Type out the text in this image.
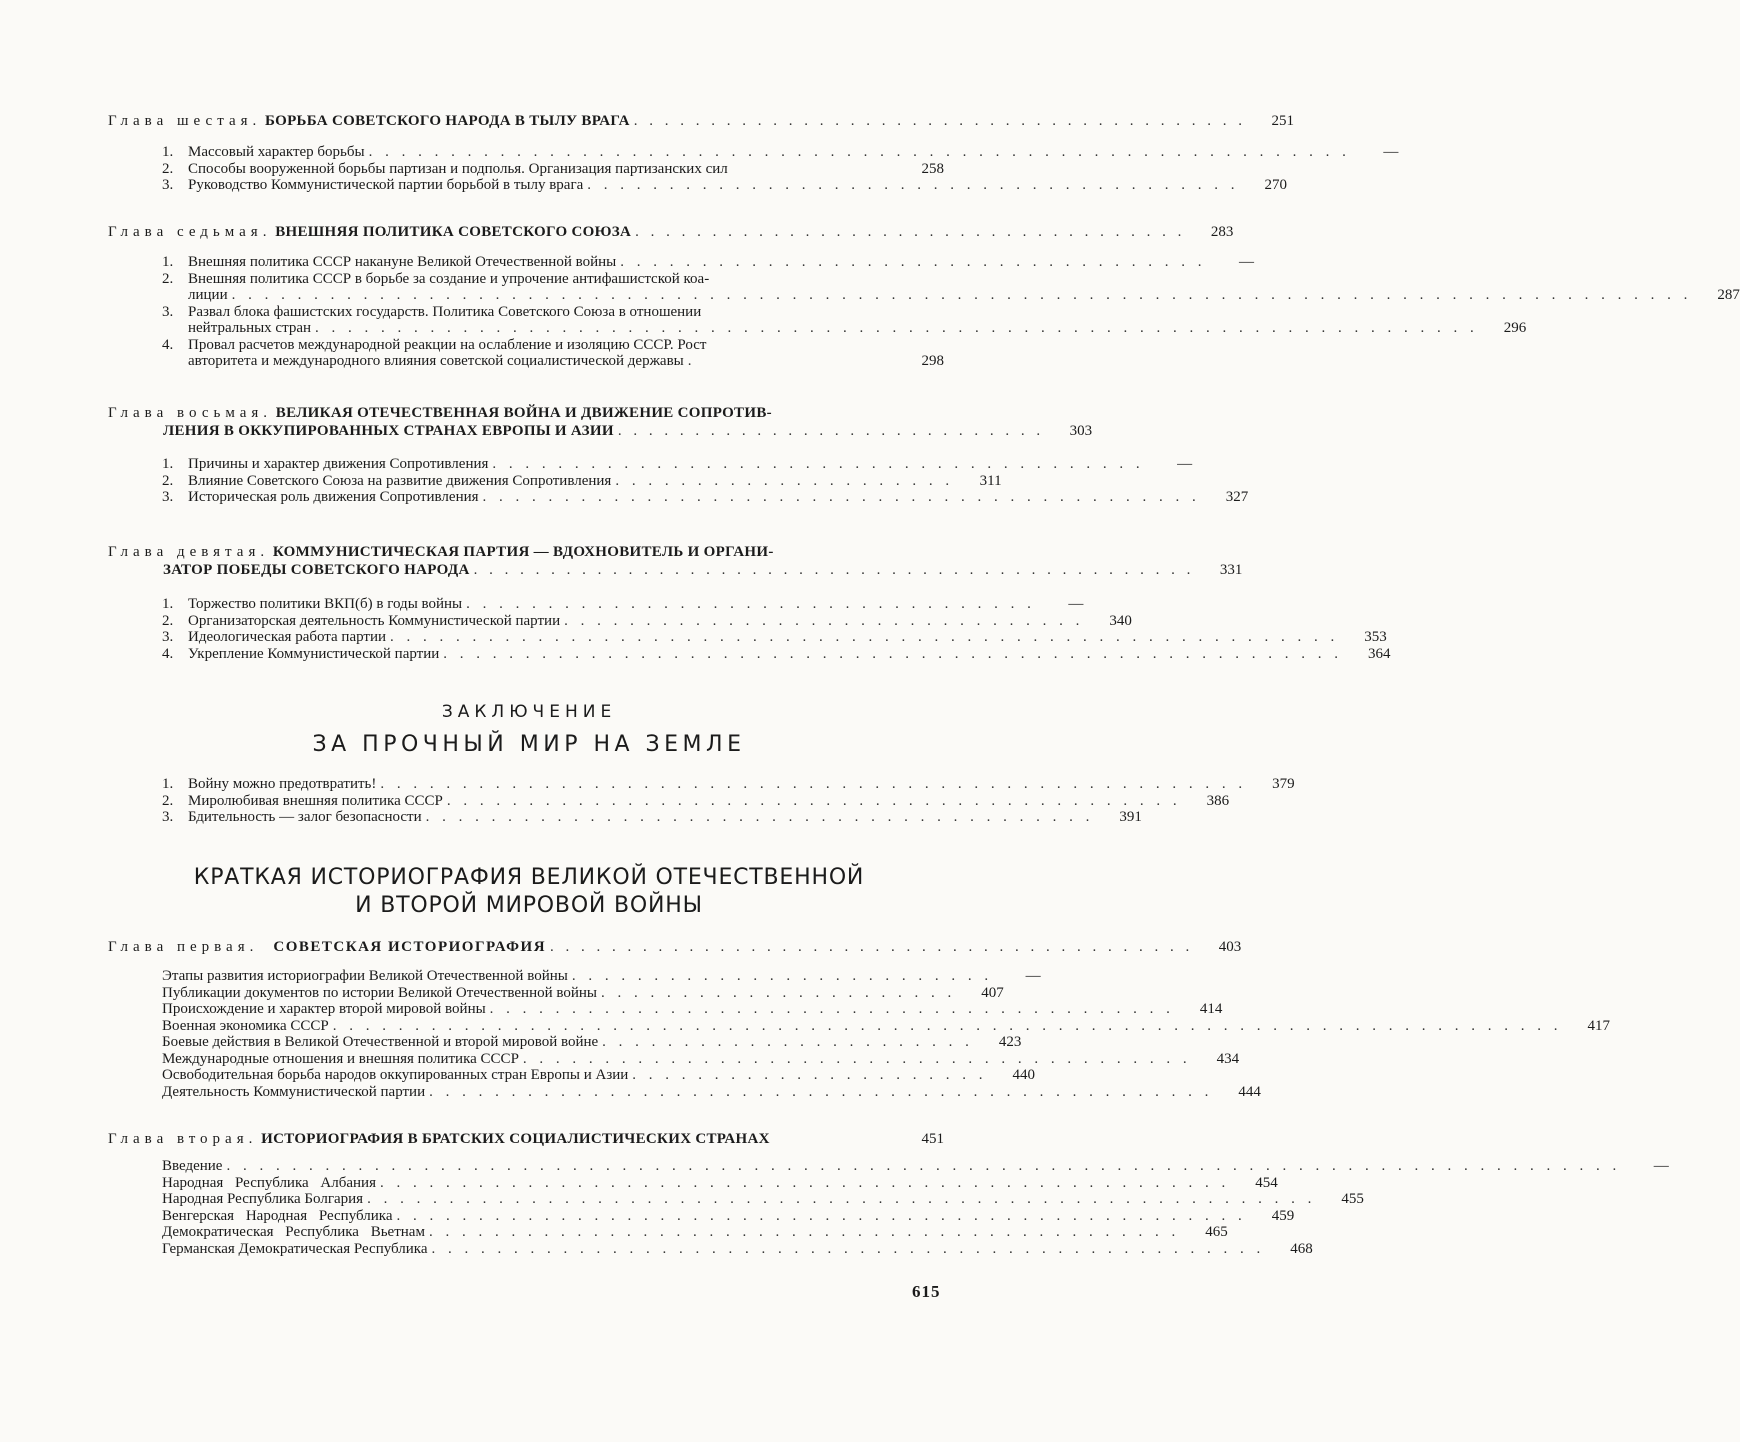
Глава шестая. БОРЬБА СОВЕТСКОГО НАРОДА В ТЫЛУ ВРАГА . . . . . . . . . . . . . . . . . . . . . . . . . . . . . . . . . . . . . . . .	251
1. Массовый характер борьбы . . . . . . . . . . . . . . . . . . . . . . . . . . . . . . . . . . . . . . . . . . . . . . . . . . . . . . . . . . . .	—
2. Способы вооруженной борьбы партизан и подполья. Организация партизанских сил	258
3. Руководство Коммунистической партии борьбой в тылу врага . . . . . . . . . . . . . . . . . . . . . . . . . . . . . . . . . . . . . . . .	270
Глава седьмая. ВНЕШНЯЯ ПОЛИТИКА СОВЕТСКОГО СОЮЗА . . . . . . . . . . . . . . . . . . . . . . . . . . . . . . . . . . . .	283
1. Внешняя политика СССР накануне Великой Отечественной войны . . . . . . . . . . . . . . . . . . . . . . . . . . . . . . . . . . . .	—
2. Внешняя политика СССР в борьбе за создание и упрочение антифашистской коа-
лиции . . . . . . . . . . . . . . . . . . . . . . . . . . . . . . . . . . . . . . . . . . . . . . . . . . . . . . . . . . . . . . . . . . . . . . . . . . . . . . . . . . . . . . . . .	287
3. Развал блока фашистских государств. Политика Советского Союза в отношении
нейтральных стран . . . . . . . . . . . . . . . . . . . . . . . . . . . . . . . . . . . . . . . . . . . . . . . . . . . . . . . . . . . . . . . . . . . . . . .	296
4. Провал расчетов международной реакции на ослабление и изоляцию СССР. Рост
авторитета и международного влияния советской социалистической державы .	298
Глава восьмая. ВЕЛИКАЯ ОТЕЧЕСТВЕННАЯ ВОЙНА И ДВИЖЕНИЕ СОПРОТИВ-
ЛЕНИЯ В ОККУПИРОВАННЫХ СТРАНАХ ЕВРОПЫ И АЗИИ . . . . . . . . . . . . . . . . . . . . . . . . . . . .	303
1. Причины и характер движения Сопротивления . . . . . . . . . . . . . . . . . . . . . . . . . . . . . . . . . . . . . . . .	—
2. Влияние Советского Союза на развитие движения Сопротивления . . . . . . . . . . . . . . . . . . . . .	311
3. Историческая роль движения Сопротивления . . . . . . . . . . . . . . . . . . . . . . . . . . . . . . . . . . . . . . . . . . . .	327
Глава девятая. КОММУНИСТИЧЕСКАЯ ПАРТИЯ — ВДОХНОВИТЕЛЬ И ОРГАНИ-
ЗАТОР ПОБЕДЫ СОВЕТСКОГО НАРОДА . . . . . . . . . . . . . . . . . . . . . . . . . . . . . . . . . . . . . . . . . . . . . . .	331
1. Торжество политики ВКП(б) в годы войны . . . . . . . . . . . . . . . . . . . . . . . . . . . . . . . . . . .	—
2. Организаторская деятельность Коммунистической партии . . . . . . . . . . . . . . . . . . . . . . . . . . . . . . . .	340
3. Идеологическая работа партии . . . . . . . . . . . . . . . . . . . . . . . . . . . . . . . . . . . . . . . . . . . . . . . . . . . . . . . . . .	353
4. Укрепление Коммунистической партии . . . . . . . . . . . . . . . . . . . . . . . . . . . . . . . . . . . . . . . . . . . . . . . . . . . . . . .	364
ЗАКЛЮЧЕНИЕ
ЗА ПРОЧНЫЙ МИР НА ЗЕМЛЕ
1. Войну можно предотвратить! . . . . . . . . . . . . . . . . . . . . . . . . . . . . . . . . . . . . . . . . . . . . . . . . . . . . .	379
2. Миролюбивая внешняя политика СССР . . . . . . . . . . . . . . . . . . . . . . . . . . . . . . . . . . . . . . . . . . . . .	386
3. Бдительность — залог безопасности . . . . . . . . . . . . . . . . . . . . . . . . . . . . . . . . . . . . . . . . .	391
КРАТКАЯ ИСТОРИОГРАФИЯ ВЕЛИКОЙ ОТЕЧЕСТВЕННОЙ
И ВТОРОЙ МИРОВОЙ ВОЙНЫ
Глава первая. СОВЕТСКАЯ ИСТОРИОГРАФИЯ . . . . . . . . . . . . . . . . . . . . . . . . . . . . . . . . . . . . . . . . . .	403
Этапы развития историографии Великой Отечественной войны . . . . . . . . . . . . . . . . . . . . . . . . . .	—
Публикации документов по истории Великой Отечественной войны . . . . . . . . . . . . . . . . . . . . . .	407
Происхождение и характер второй мировой войны . . . . . . . . . . . . . . . . . . . . . . . . . . . . . . . . . . . . . . . . . .	414
Военная экономика СССР . . . . . . . . . . . . . . . . . . . . . . . . . . . . . . . . . . . . . . . . . . . . . . . . . . . . . . . . . . . . . . . . . . . . . . . . . . .	417
Боевые действия в Великой Отечественной и второй мировой войне . . . . . . . . . . . . . . . . . . . . . . .	423
Международные отношения и внешняя политика СССР . . . . . . . . . . . . . . . . . . . . . . . . . . . . . . . . . . . . . . . . .	434
Освободительная борьба народов оккупированных стран Европы и Азии . . . . . . . . . . . . . . . . . . . . . .	440
Деятельность Коммунистической партии . . . . . . . . . . . . . . . . . . . . . . . . . . . . . . . . . . . . . . . . . . . . . . . .	444
Глава вторая. ИСТОРИОГРАФИЯ В БРАТСКИХ СОЦИАЛИСТИЧЕСКИХ СТРАНАХ	451
Введение . . . . . . . . . . . . . . . . . . . . . . . . . . . . . . . . . . . . . . . . . . . . . . . . . . . . . . . . . . . . . . . . . . . . . . . . . . . . . . . . . . . . .	—
Народная Республика Албания . . . . . . . . . . . . . . . . . . . . . . . . . . . . . . . . . . . . . . . . . . . . . . . . . . . .	454
Народная Республика Болгария . . . . . . . . . . . . . . . . . . . . . . . . . . . . . . . . . . . . . . . . . . . . . . . . . . . . . . . . . .	455
Венгерская Народная Республика . . . . . . . . . . . . . . . . . . . . . . . . . . . . . . . . . . . . . . . . . . . . . . . . . . . .	459
Демократическая Республика Вьетнам . . . . . . . . . . . . . . . . . . . . . . . . . . . . . . . . . . . . . . . . . . . . . .	465
Германская Демократическая Республика . . . . . . . . . . . . . . . . . . . . . . . . . . . . . . . . . . . . . . . . . . . . . . . . . . .	468
615
